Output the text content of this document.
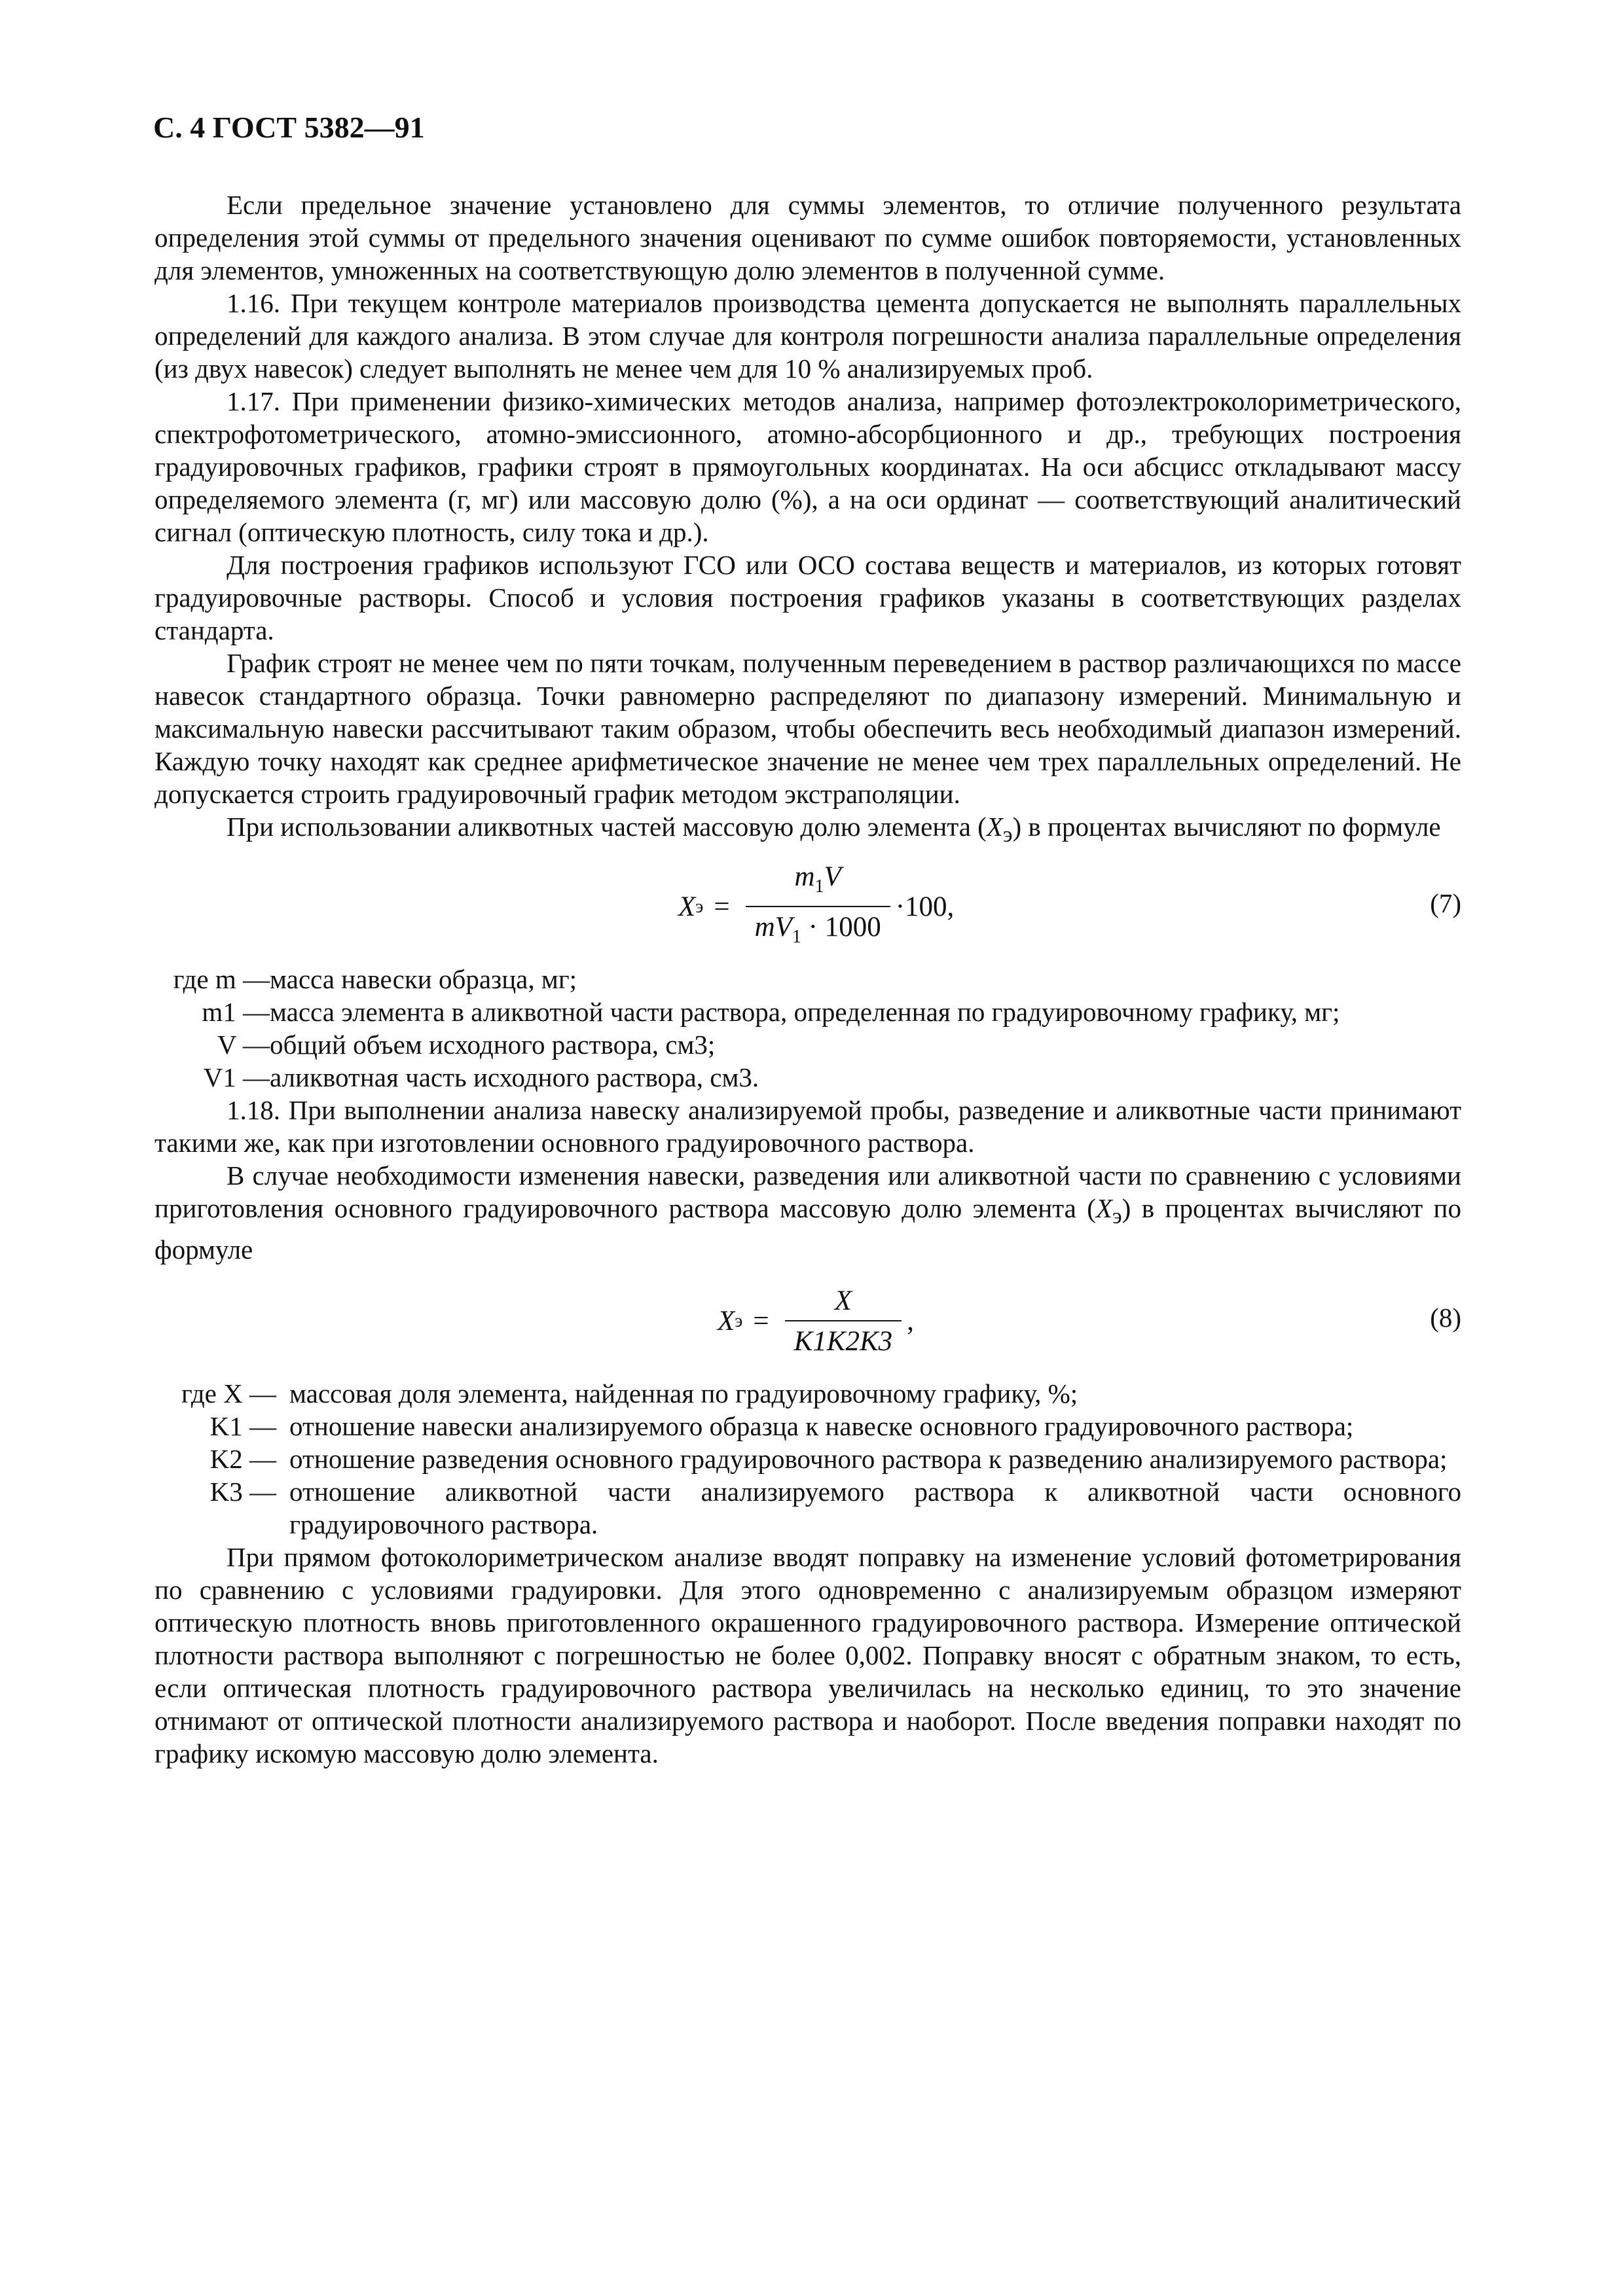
С. 4 ГОСТ 5382—91

Если предельное значение установлено для суммы элементов, то отличие полученного результата определения этой суммы от предельного значения оценивают по сумме ошибок повторяемости, установленных для элементов, умноженных на соответствующую долю элементов в полученной сумме.

1.16. При текущем контроле материалов производства цемента допускается не выполнять параллельных определений для каждого анализа. В этом случае для контроля погрешности анализа параллельные определения (из двух навесок) следует выполнять не менее чем для 10 % анализируемых проб.

1.17. При применении физико-химических методов анализа, например фотоэлектроколориметрического, спектрофотометрического, атомно-эмиссионного, атомно-абсорбционного и др., требующих построения градуировочных графиков, графики строят в прямоугольных координатах. На оси абсцисс откладывают массу определяемого элемента (г, мг) или массовую долю (%), а на оси ординат — соответствующий аналитический сигнал (оптическую плотность, силу тока и др.).

Для построения графиков используют ГСО или ОСО состава веществ и материалов, из которых готовят градуировочные растворы. Способ и условия построения графиков указаны в соответствующих разделах стандарта.

График строят не менее чем по пяти точкам, полученным переведением в раствор различающихся по массе навесок стандартного образца. Точки равномерно распределяют по диапазону измерений. Минимальную и максимальную навески рассчитывают таким образом, чтобы обеспечить весь необходимый диапазон измерений. Каждую точку находят как среднее арифметическое значение не менее чем трех параллельных определений. Не допускается строить градуировочный график методом экстраполяции.

При использовании аликвотных частей массовую долю элемента $(X_э)$ в процентах вычисляют по формуле

X $э = \frac{m_1V}{mV_1 \cdot 1000} \cdot 100$,	(7)
где m — масса навески образца, мг;
m1 — масса элемента в аликвотной части раствора, определенная по градуировочному графику, мг;
V — общий объем исходного раствора, см3;
V1 — аликвотная часть исходного раствора, см3.

1.18. При выполнении анализа навеску анализируемой пробы, разведение и аликвотные части принимают такими же, как при изготовлении основного градуировочного раствора.

В случае необходимости изменения навески, разведения или аликвотной части по сравнению с условиями приготовления основного градуировочного раствора массовую долю элемента $(X_э)$ в процентах вычисляют по формуле

X $э = \frac{X}{K1K2K3}$ ,	(8)
где X — массовая доля элемента, найденная по градуировочному графику, %;
K1 — отношение навески анализируемого образца к навеске основного градуировочного раствора;
K2 — отношение разведения основного градуировочного раствора к разведению анализируемого раствора;
K3 — отношение аликвотной части анализируемого раствора к аликвотной части основного градуировочного раствора.

При прямом фотоколориметрическом анализе вводят поправку на изменение условий фотометрирования по сравнению с условиями градуировки. Для этого одновременно с анализируемым образцом измеряют оптическую плотность вновь приготовленного окрашенного градуировочного раствора. Измерение оптической плотности раствора выполняют с погрешностью не более 0,002. Поправку вносят с обратным знаком, то есть, если оптическая плотность градуировочного раствора увеличилась на несколько единиц, то это значение отнимают от оптической плотности анализируемого раствора и наоборот. После введения поправки находят по графику искомую массовую долю элемента.
